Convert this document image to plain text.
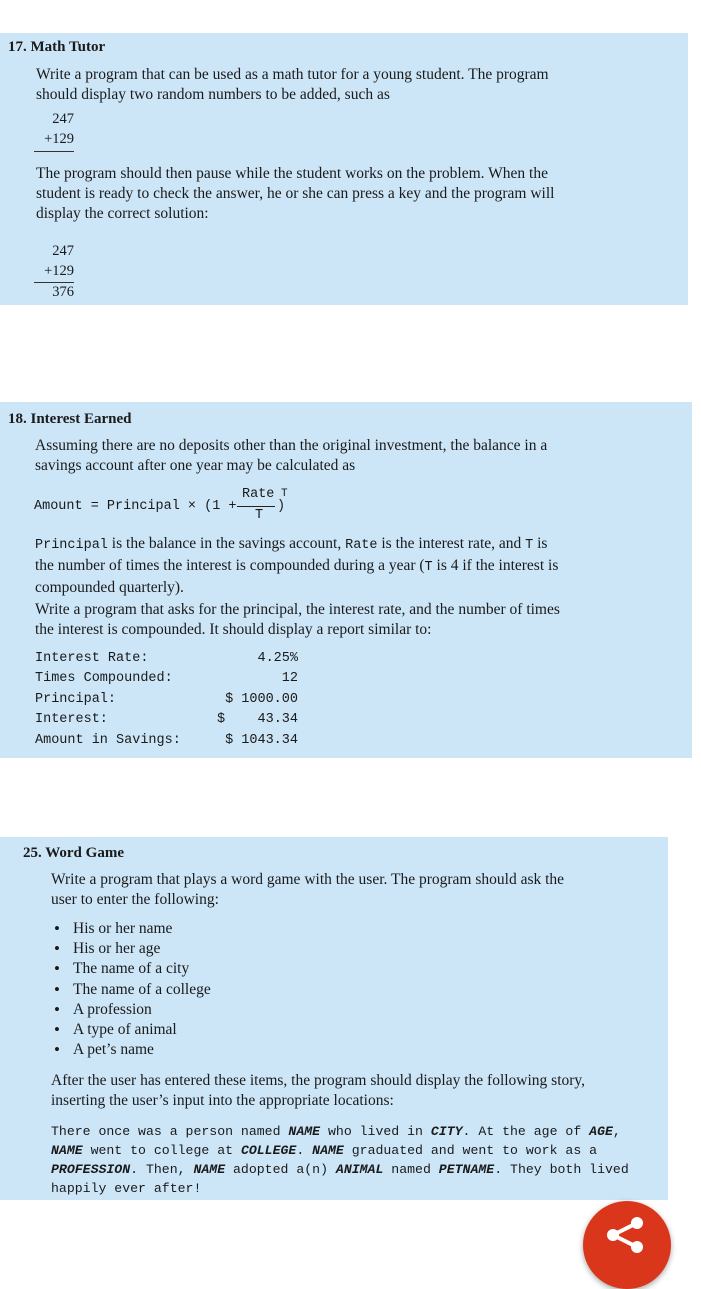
17. Math Tutor
Write a program that can be used as a math tutor for a young student. The program
should display two random numbers to be added, such as
247
+129
The program should then pause while the student works on the problem. When the
student is ready to check the answer, he or she can press a key and the program will
display the correct solution:
247
+129
376
18. Interest Earned
Assuming there are no deposits other than the original investment, the balance in a
savings account after one year may be calculated as
Amount = Principal × (1 +
Rate
T
)
T
Principal is the balance in the savings account, Rate is the interest rate, and T is
the number of times the interest is compounded during a year (T is 4 if the interest is
compounded quarterly).
Write a program that asks for the principal, the interest rate, and the number of times
the interest is compounded. It should display a report similar to:
Interest Rate:	4.25%
Times Compounded:	12
Principal:	$ 1000.00
Interest:	$    43.34
Amount in Savings:	$ 1043.34
25. Word Game
Write a program that plays a word game with the user. The program should ask the
user to enter the following:
• His or her name
• His or her age
• The name of a city
• The name of a college
• A profession
• A type of animal
• A pet’s name
After the user has entered these items, the program should display the following story,
inserting the user’s input into the appropriate locations:
There once was a person named NAME who lived in CITY. At the age of AGE,
NAME went to college at COLLEGE. NAME graduated and went to work as a
PROFESSION. Then, NAME adopted a(n) ANIMAL named PETNAME. They both lived
happily ever after!
